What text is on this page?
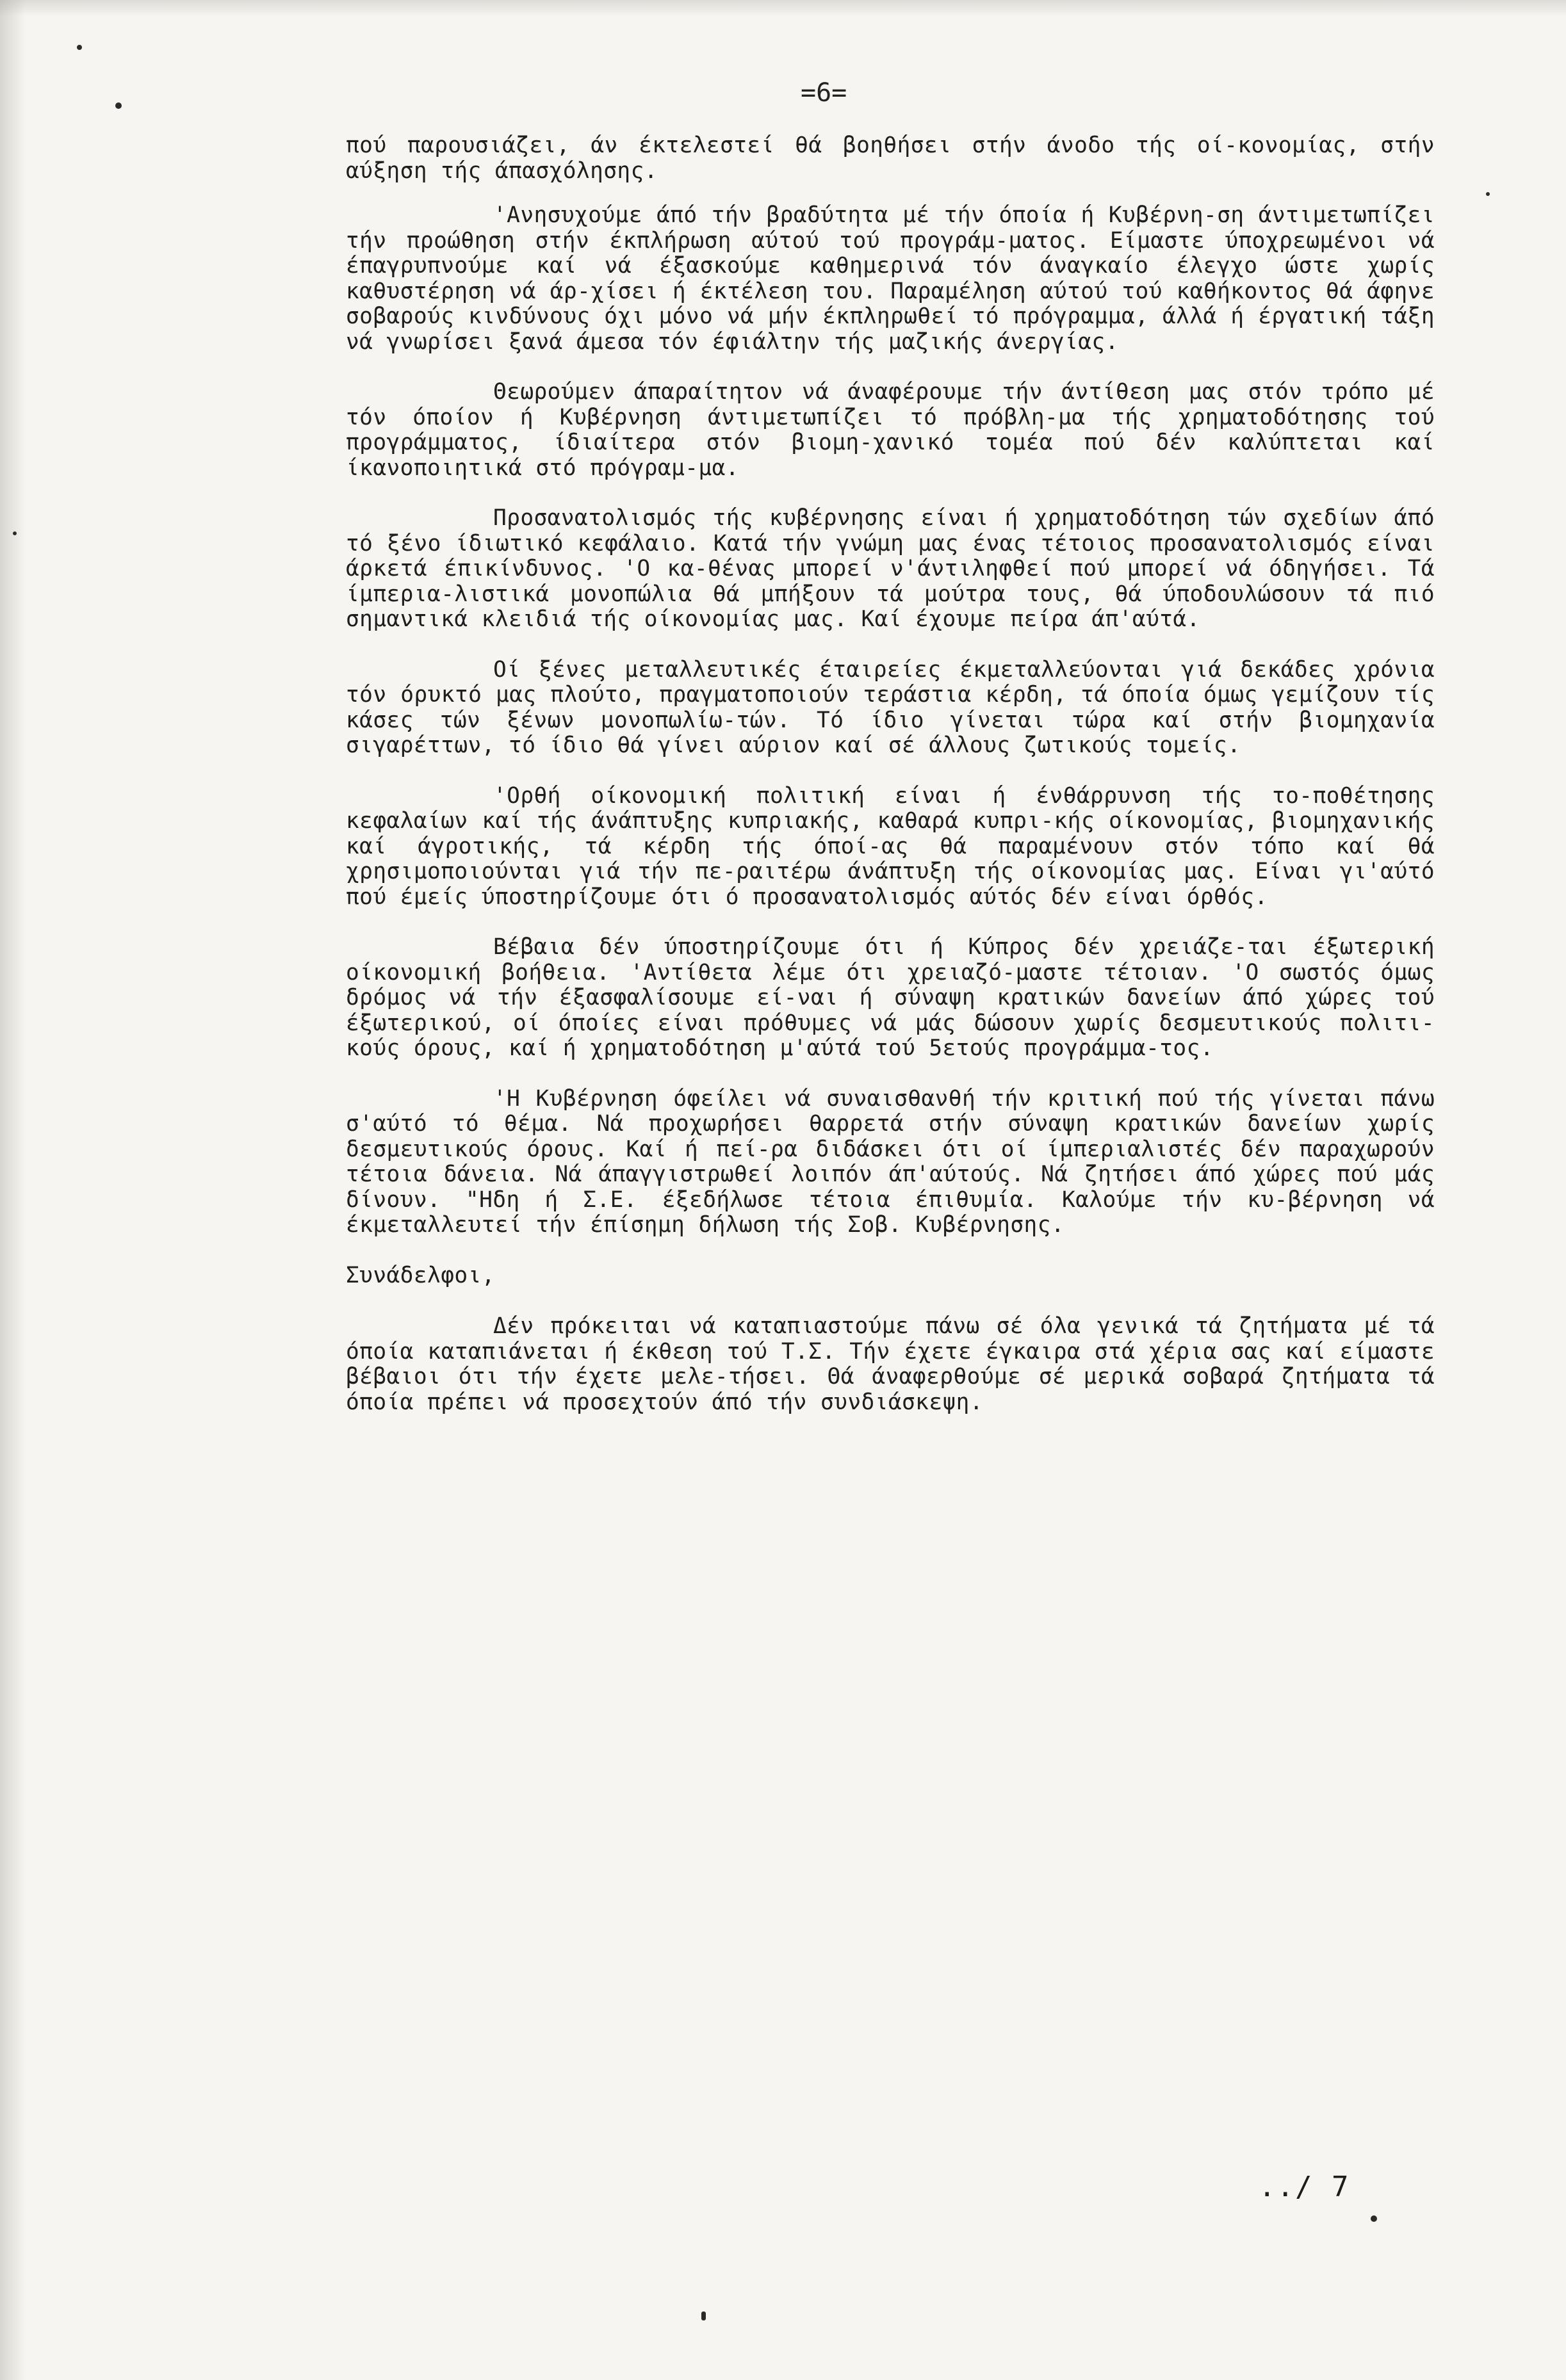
=6=

πού παρουσιάζει, άν έκτελεστεί θά βοηθήσει στήν άνοδο τής οί-κονομίας, στήν αύξηση τής άπασχόλησης.

'Ανησυχούμε άπό τήν βραδύτητα μέ τήν όποία ή Κυβέρνη-ση άντιμετωπίζει τήν προώθηση στήν έκπλήρωση αύτού τού προγράμ-ματος. Είμαστε ύποχρεωμένοι νά έπαγρυπνούμε καί νά έξασκούμε καθημερινά τόν άναγκαίο έλεγχο ώστε χωρίς καθυστέρηση νά άρ-χίσει ή έκτέλεση του. Παραμέληση αύτού τού καθήκοντος θά άφηνε σοβαρούς κινδύνους όχι μόνο νά μήν έκπληρωθεί τό πρόγραμμα, άλλά ή έργατική τάξη νά γνωρίσει ξανά άμεσα τόν έφιάλτην τής μαζικής άνεργίας.

Θεωρούμεν άπαραίτητον νά άναφέρουμε τήν άντίθεση μας στόν τρόπο μέ τόν όποίον ή Κυβέρνηση άντιμετωπίζει τό πρόβλη-μα τής χρηματοδότησης τού προγράμματος, ίδιαίτερα στόν βιομη-χανικό τομέα πού δέν καλύπτεται καί ίκανοποιητικά στό πρόγραμ-μα.

Προσανατολισμός τής κυβέρνησης είναι ή χρηματοδότηση τών σχεδίων άπό τό ξένο ίδιωτικό κεφάλαιο. Κατά τήν γνώμη μας ένας τέτοιος προσανατολισμός είναι άρκετά έπικίνδυνος. 'Ο κα-θένας μπορεί ν'άντιληφθεί πού μπορεί νά όδηγήσει. Τά ίμπερια-λιστικά μονοπώλια θά μπήξουν τά μούτρα τους, θά ύποδουλώσουν τά πιό σημαντικά κλειδιά τής οίκονομίας μας. Καί έχουμε πείρα άπ'αύτά.

Οί ξένες μεταλλευτικές έταιρείες έκμεταλλεύονται γιά δεκάδες χρόνια τόν όρυκτό μας πλούτο, πραγματοποιούν τεράστια κέρδη, τά όποία όμως γεμίζουν τίς κάσες τών ξένων μονοπωλίω-τών. Τό ίδιο γίνεται τώρα καί στήν βιομηχανία σιγαρέττων, τό ίδιο θά γίνει αύριον καί σέ άλλους ζωτικούς τομείς.

'Ορθή οίκονομική πολιτική είναι ή ένθάρρυνση τής το-ποθέτησης κεφαλαίων καί τής άνάπτυξης κυπριακής, καθαρά κυπρι-κής οίκονομίας, βιομηχανικής καί άγροτικής, τά κέρδη τής όποί-ας θά παραμένουν στόν τόπο καί θά χρησιμοποιούνται γιά τήν πε-ραιτέρω άνάπτυξη τής οίκονομίας μας. Είναι γι'αύτό πού έμείς ύποστηρίζουμε ότι ό προσανατολισμός αύτός δέν είναι όρθός.

Βέβαια δέν ύποστηρίζουμε ότι ή Κύπρος δέν χρειάζε-ται έξωτερική οίκονομική βοήθεια. 'Αντίθετα λέμε ότι χρειαζό-μαστε τέτοιαν. 'Ο σωστός όμως δρόμος νά τήν έξασφαλίσουμε εί-ναι ή σύναψη κρατικών δανείων άπό χώρες τού έξωτερικού, οί όποίες είναι πρόθυμες νά μάς δώσουν χωρίς δεσμευτικούς πολιτι-κούς όρους, καί ή χρηματοδότηση μ'αύτά τού 5ετούς προγράμμα-τος.

'Η Κυβέρνηση όφείλει νά συναισθανθή τήν κριτική πού τής γίνεται πάνω σ'αύτό τό θέμα. Νά προχωρήσει θαρρετά στήν σύναψη κρατικών δανείων χωρίς δεσμευτικούς όρους. Καί ή πεί-ρα διδάσκει ότι οί ίμπεριαλιστές δέν παραχωρούν τέτοια δάνεια. Νά άπαγγιστρωθεί λοιπόν άπ'αύτούς. Νά ζητήσει άπό χώρες πού μάς δίνουν. "Ηδη ή Σ.Ε. έξεδήλωσε τέτοια έπιθυμία. Καλούμε τήν κυ-βέρνηση νά έκμεταλλευτεί τήν έπίσημη δήλωση τής Σοβ. Κυβέρνησης.

Συνάδελφοι,

Δέν πρόκειται νά καταπιαστούμε πάνω σέ όλα γενικά τά ζητήματα μέ τά όποία καταπιάνεται ή έκθεση τού Τ.Σ. Τήν έχετε έγκαιρα στά χέρια σας καί είμαστε βέβαιοι ότι τήν έχετε μελε-τήσει. Θά άναφερθούμε σέ μερικά σοβαρά ζητήματα τά όποία πρέπει νά προσεχτούν άπό τήν συνδιάσκεψη.

../ 7
